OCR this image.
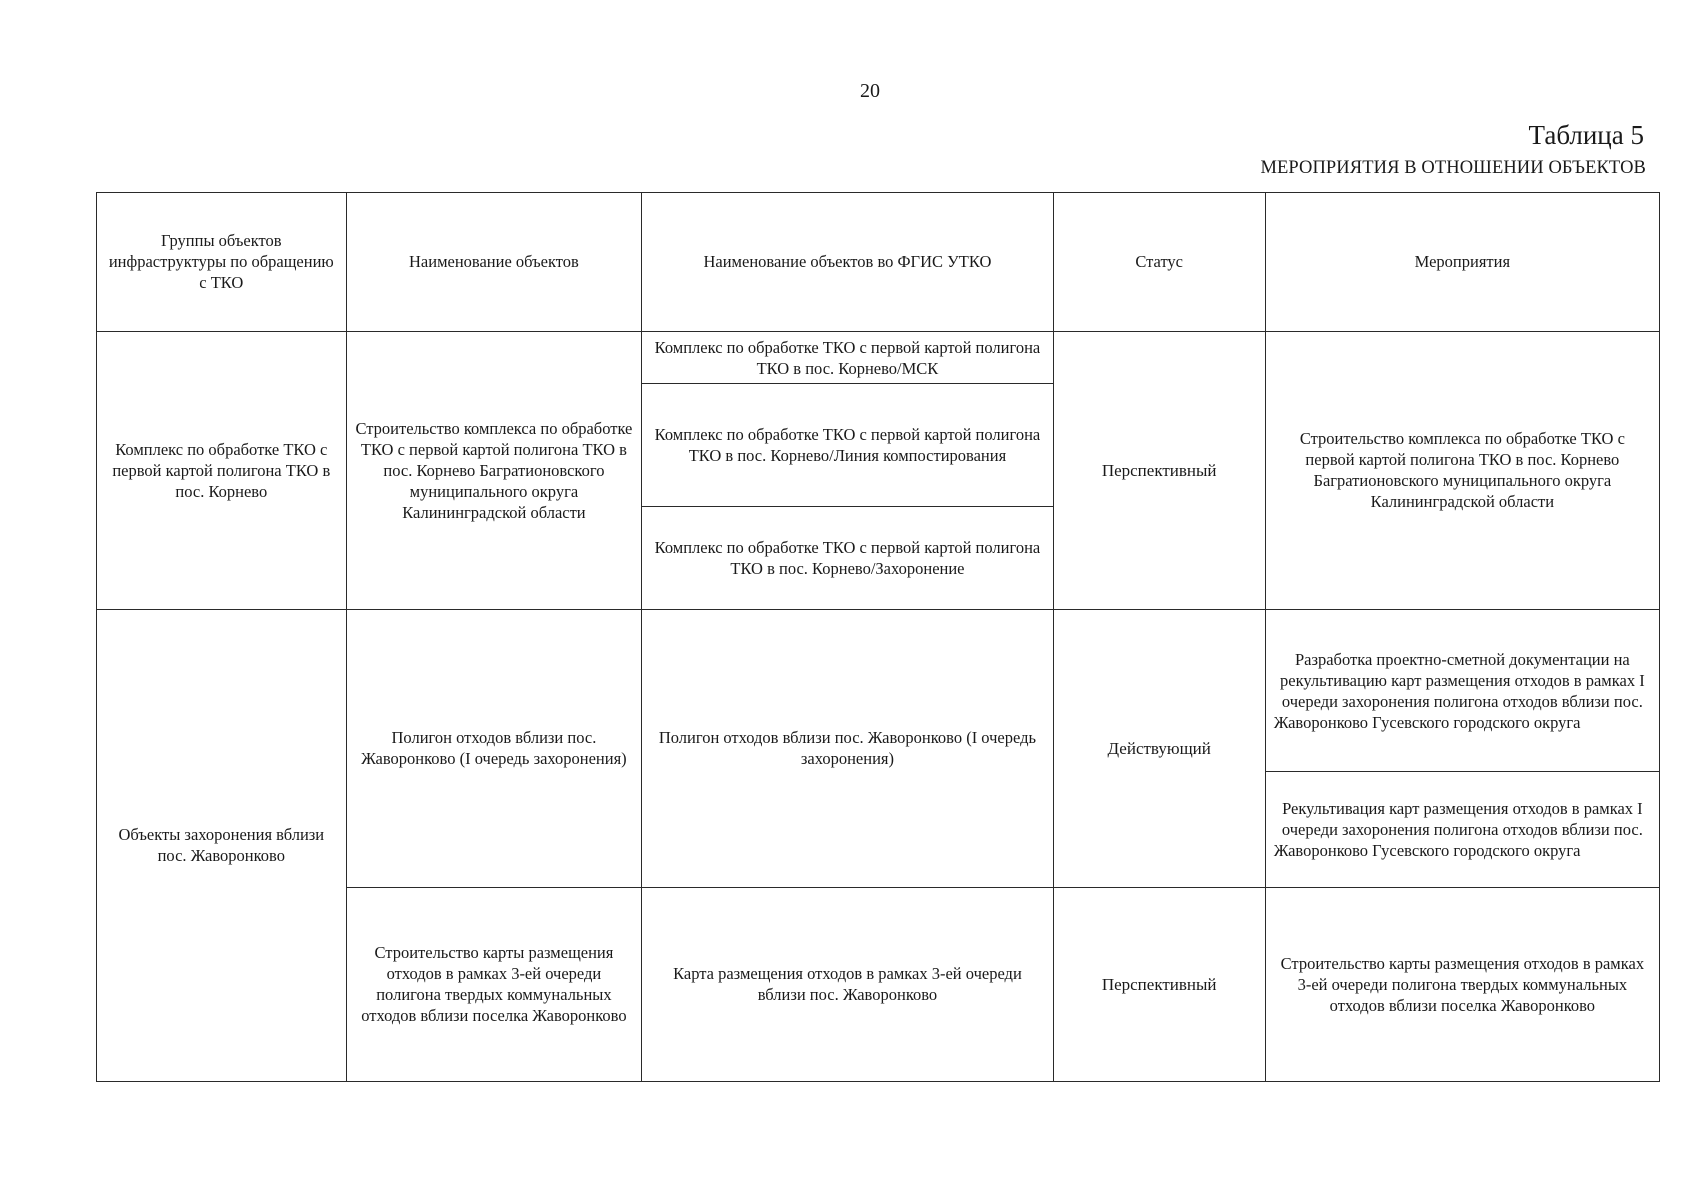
20
Таблица 5
МЕРОПРИЯТИЯ В ОТНОШЕНИИ ОБЪЕКТОВ
Группы объектов инфраструктуры по обращению с ТКО	Наименование объектов	Наименование объектов во ФГИС УТКО	Статус	Мероприятия
Комплекс по обработке ТКО с первой картой полигона ТКО в пос. Корнево	Строительство комплекса по обработке ТКО с первой картой полигона ТКО в пос. Корнево Багратионовского муниципального округа Калининградской области	Комплекс по обработке ТКО с первой картой полигона ТКО в пос. Корнево/МСК	Перспективный	Строительство комплекса по обработке ТКО с первой картой полигона ТКО в пос. Корнево Багратионовского муниципального округа Калининградской области
		Комплекс по обработке ТКО с первой картой полигона ТКО в пос. Корнево/Линия компостирования		
		Комплекс по обработке ТКО с первой картой полигона ТКО в пос. Корнево/Захоронение		
Объекты захоронения вблизи пос. Жаворонково	Полигон отходов вблизи пос. Жаворонково (I очередь захоронения)	Полигон отходов вблизи пос. Жаворонково (I очередь захоронения)	Действующий	Разработка проектно-сметной документации на рекультивацию карт размещения отходов в рамках I очереди захоронения полигона отходов вблизи пос. Жаворонково Гусевского городского округа
				Рекультивация карт размещения отходов в рамках I очереди захоронения полигона отходов вблизи пос. Жаворонково Гусевского городского округа
	Строительство карты размещения отходов в рамках 3-ей очереди полигона твердых коммунальных отходов вблизи поселка Жаворонково	Карта размещения отходов в рамках 3-ей очереди вблизи пос. Жаворонково	Перспективный	Строительство карты размещения отходов в рамках 3-ей очереди полигона твердых коммунальных отходов вблизи поселка Жаворонково
